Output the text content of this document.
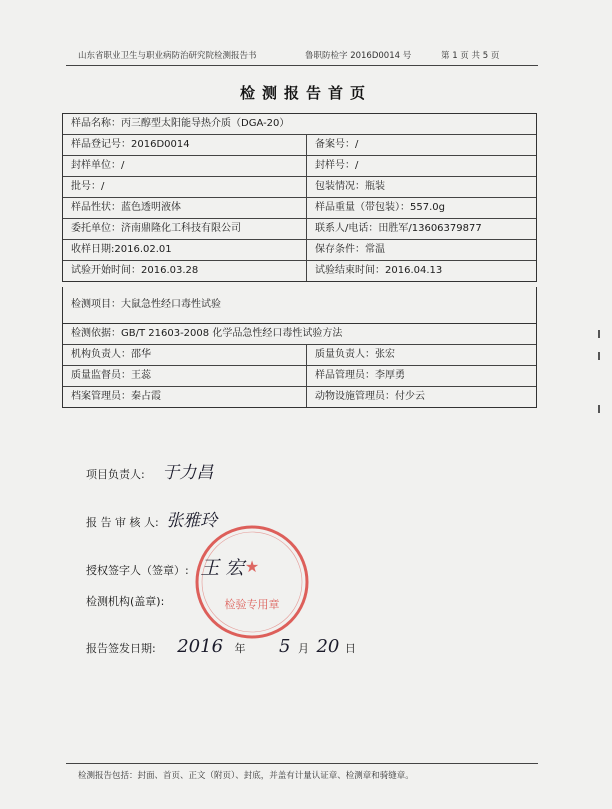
山东省职业卫生与职业病防治研究院检测报告书	鲁职防检字 2016D0014 号	第 1 页 共 5 页
检测报告首页
样品名称：丙三醇型太阳能导热介质（DGA-20）
样品登记号：2016D0014	备案号：/
封样单位：/	封样号：/
批号：/	包装情况：瓶装
样品性状：蓝色透明液体	样品重量（带包装）：557.0g
委托单位：济南鼎隆化工科技有限公司	联系人/电话：田胜军/13606379877
收样日期:2016.02.01	保存条件：常温
试验开始时间：2016.03.28	试验结束时间：2016.04.13
检测项目：大鼠急性经口毒性试验
检测依据：GB/T 21603-2008 化学品急性经口毒性试验方法
机构负责人：邵华	质量负责人：张宏
质量监督员：王蕊	样品管理员：李厚勇
档案管理员：秦占霞	动物设施管理员：付少云
★
检验专用章
项目负责人: 于力昌
报 告 审 核 人: 张雅玲
授权签字人（签章）: 王 宏
检测机构(盖章):
报告签发日期: 2016 年 5 月 20 日
检测报告包括：封面、首页、正文（附页）、封底，并盖有计量认证章、检测章和骑缝章。
